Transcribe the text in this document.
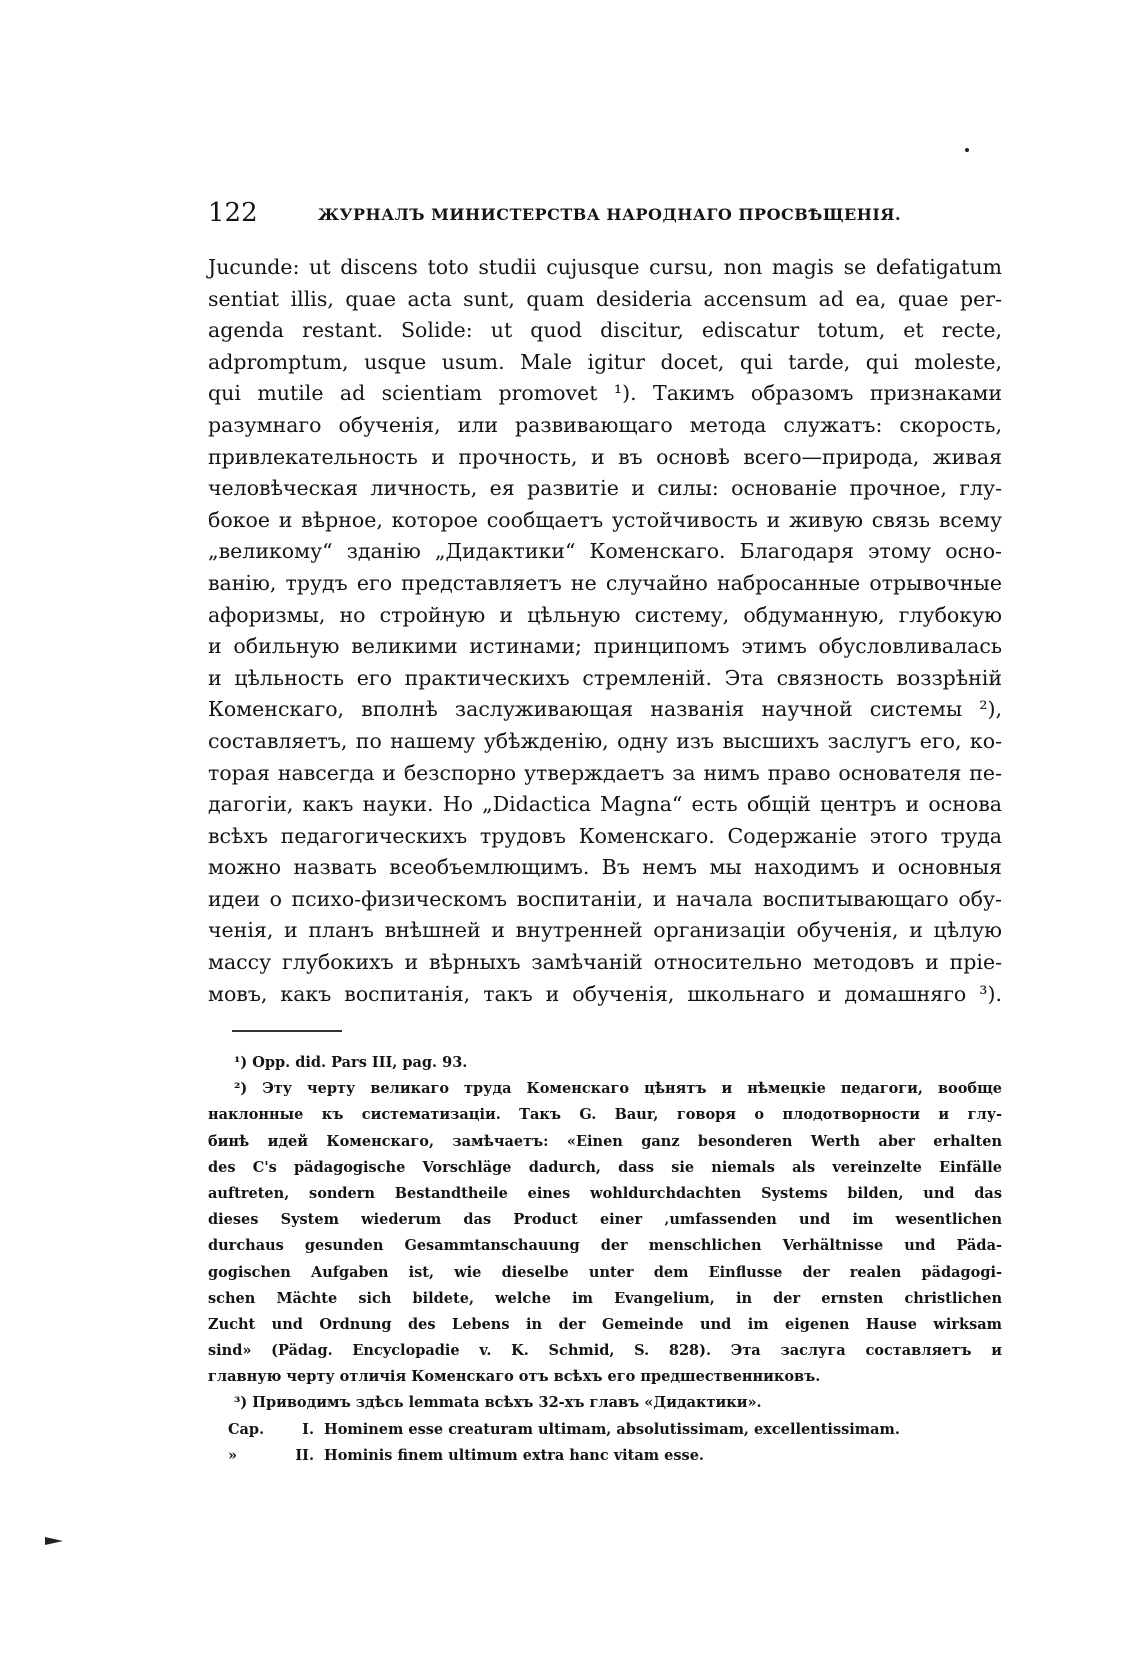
122	ЖУРНАЛЪ МИНИСТЕРСТВА НАРОДНАГО ПРОСВѢЩЕНІЯ.
Jucunde: ut discens toto studii cujusque cursu, non magis se defatigatum
sentiat illis, quae acta sunt, quam desideria accensum ad ea, quae per-
agenda restant. Solide: ut quod discitur, ediscatur totum, et recte,
adpromptum, usque usum. Male igitur docet, qui tarde, qui moleste,
qui mutile ad scientiam promovet ¹). Такимъ образомъ признаками
разумнаго обученія, или развивающаго метода служатъ: скорость,
привлекательность и прочность, и въ основѣ всего—природа, живая
человѣческая личность, ея развитіе и силы: основаніе прочное, глу-
бокое и вѣрное, которое сообщаетъ устойчивость и живую связь всему
„великому“ зданію „Дидактики“ Коменскаго. Благодаря этому осно-
ванію, трудъ его представляетъ не случайно набросанные отрывочные
афоризмы, но стройную и цѣльную систему, обдуманную, глубокую
и обильную великими истинами; принципомъ этимъ обусловливалась
и цѣльность его практическихъ стремленій. Эта связность воззрѣній
Коменскаго, вполнѣ заслуживающая названія научной системы ²),
составляетъ, по нашему убѣжденію, одну изъ высшихъ заслугъ его, ко-
торая навсегда и безспорно утверждаетъ за нимъ право основателя пе-
дагогіи, какъ науки. Но „Didactica Magna“ есть общій центръ и основа
всѣхъ педагогическихъ трудовъ Коменскаго. Содержаніе этого труда
можно назвать всеобъемлющимъ. Въ немъ мы находимъ и основныя
идеи о психо-физическомъ воспитаніи, и начала воспитывающаго обу-
ченія, и планъ внѣшней и внутренней организаціи обученія, и цѣлую
массу глубокихъ и вѣрныхъ замѣчаній относительно методовъ и пріе-
мовъ, какъ воспитанія, такъ и обученія, школьнаго и домашняго ³).
¹) Opp. did. Pars III, pag. 93.
²) Эту черту великаго труда Коменскаго цѣнятъ и нѣмецкіе педагоги, вообще
наклонные къ систематизаціи. Такъ G. Baur, говоря о плодотворности и глу-
бинѣ идей Коменскаго, замѣчаетъ: «Einen ganz besonderen Werth aber erhalten
des C's pädagogische Vorschläge dadurch, dass sie niemals als vereinzelte Einfälle
auftreten, sondern Bestandtheile eines wohldurchdachten Systems bilden, und das
dieses System wiederum das Product einer ‚umfassenden und im wesentlichen
durchaus gesunden Gesammtanschauung der menschlichen Verhältnisse und Päda-
gogischen Aufgaben ist, wie dieselbe unter dem Einflusse der realen pädagogi-
schen Mächte sich bildete, welche im Evangelium, in der ernsten christlichen
Zucht und Ordnung des Lebens in der Gemeinde und im eigenen Hause wirksam
sind» (Pädag. Encyclopadie v. K. Schmid, S. 828). Эта заслуга составляетъ и
главную черту отличія Коменскаго отъ всѣхъ его предшественниковъ.
³) Приводимъ здѣсь lemmata всѣхъ 32-хъ главъ «Дидактики».
Cap.	I. Hominem esse creaturam ultimam, absolutissimam, excellentissimam.
»	II. Hominis finem ultimum extra hanc vitam esse.
